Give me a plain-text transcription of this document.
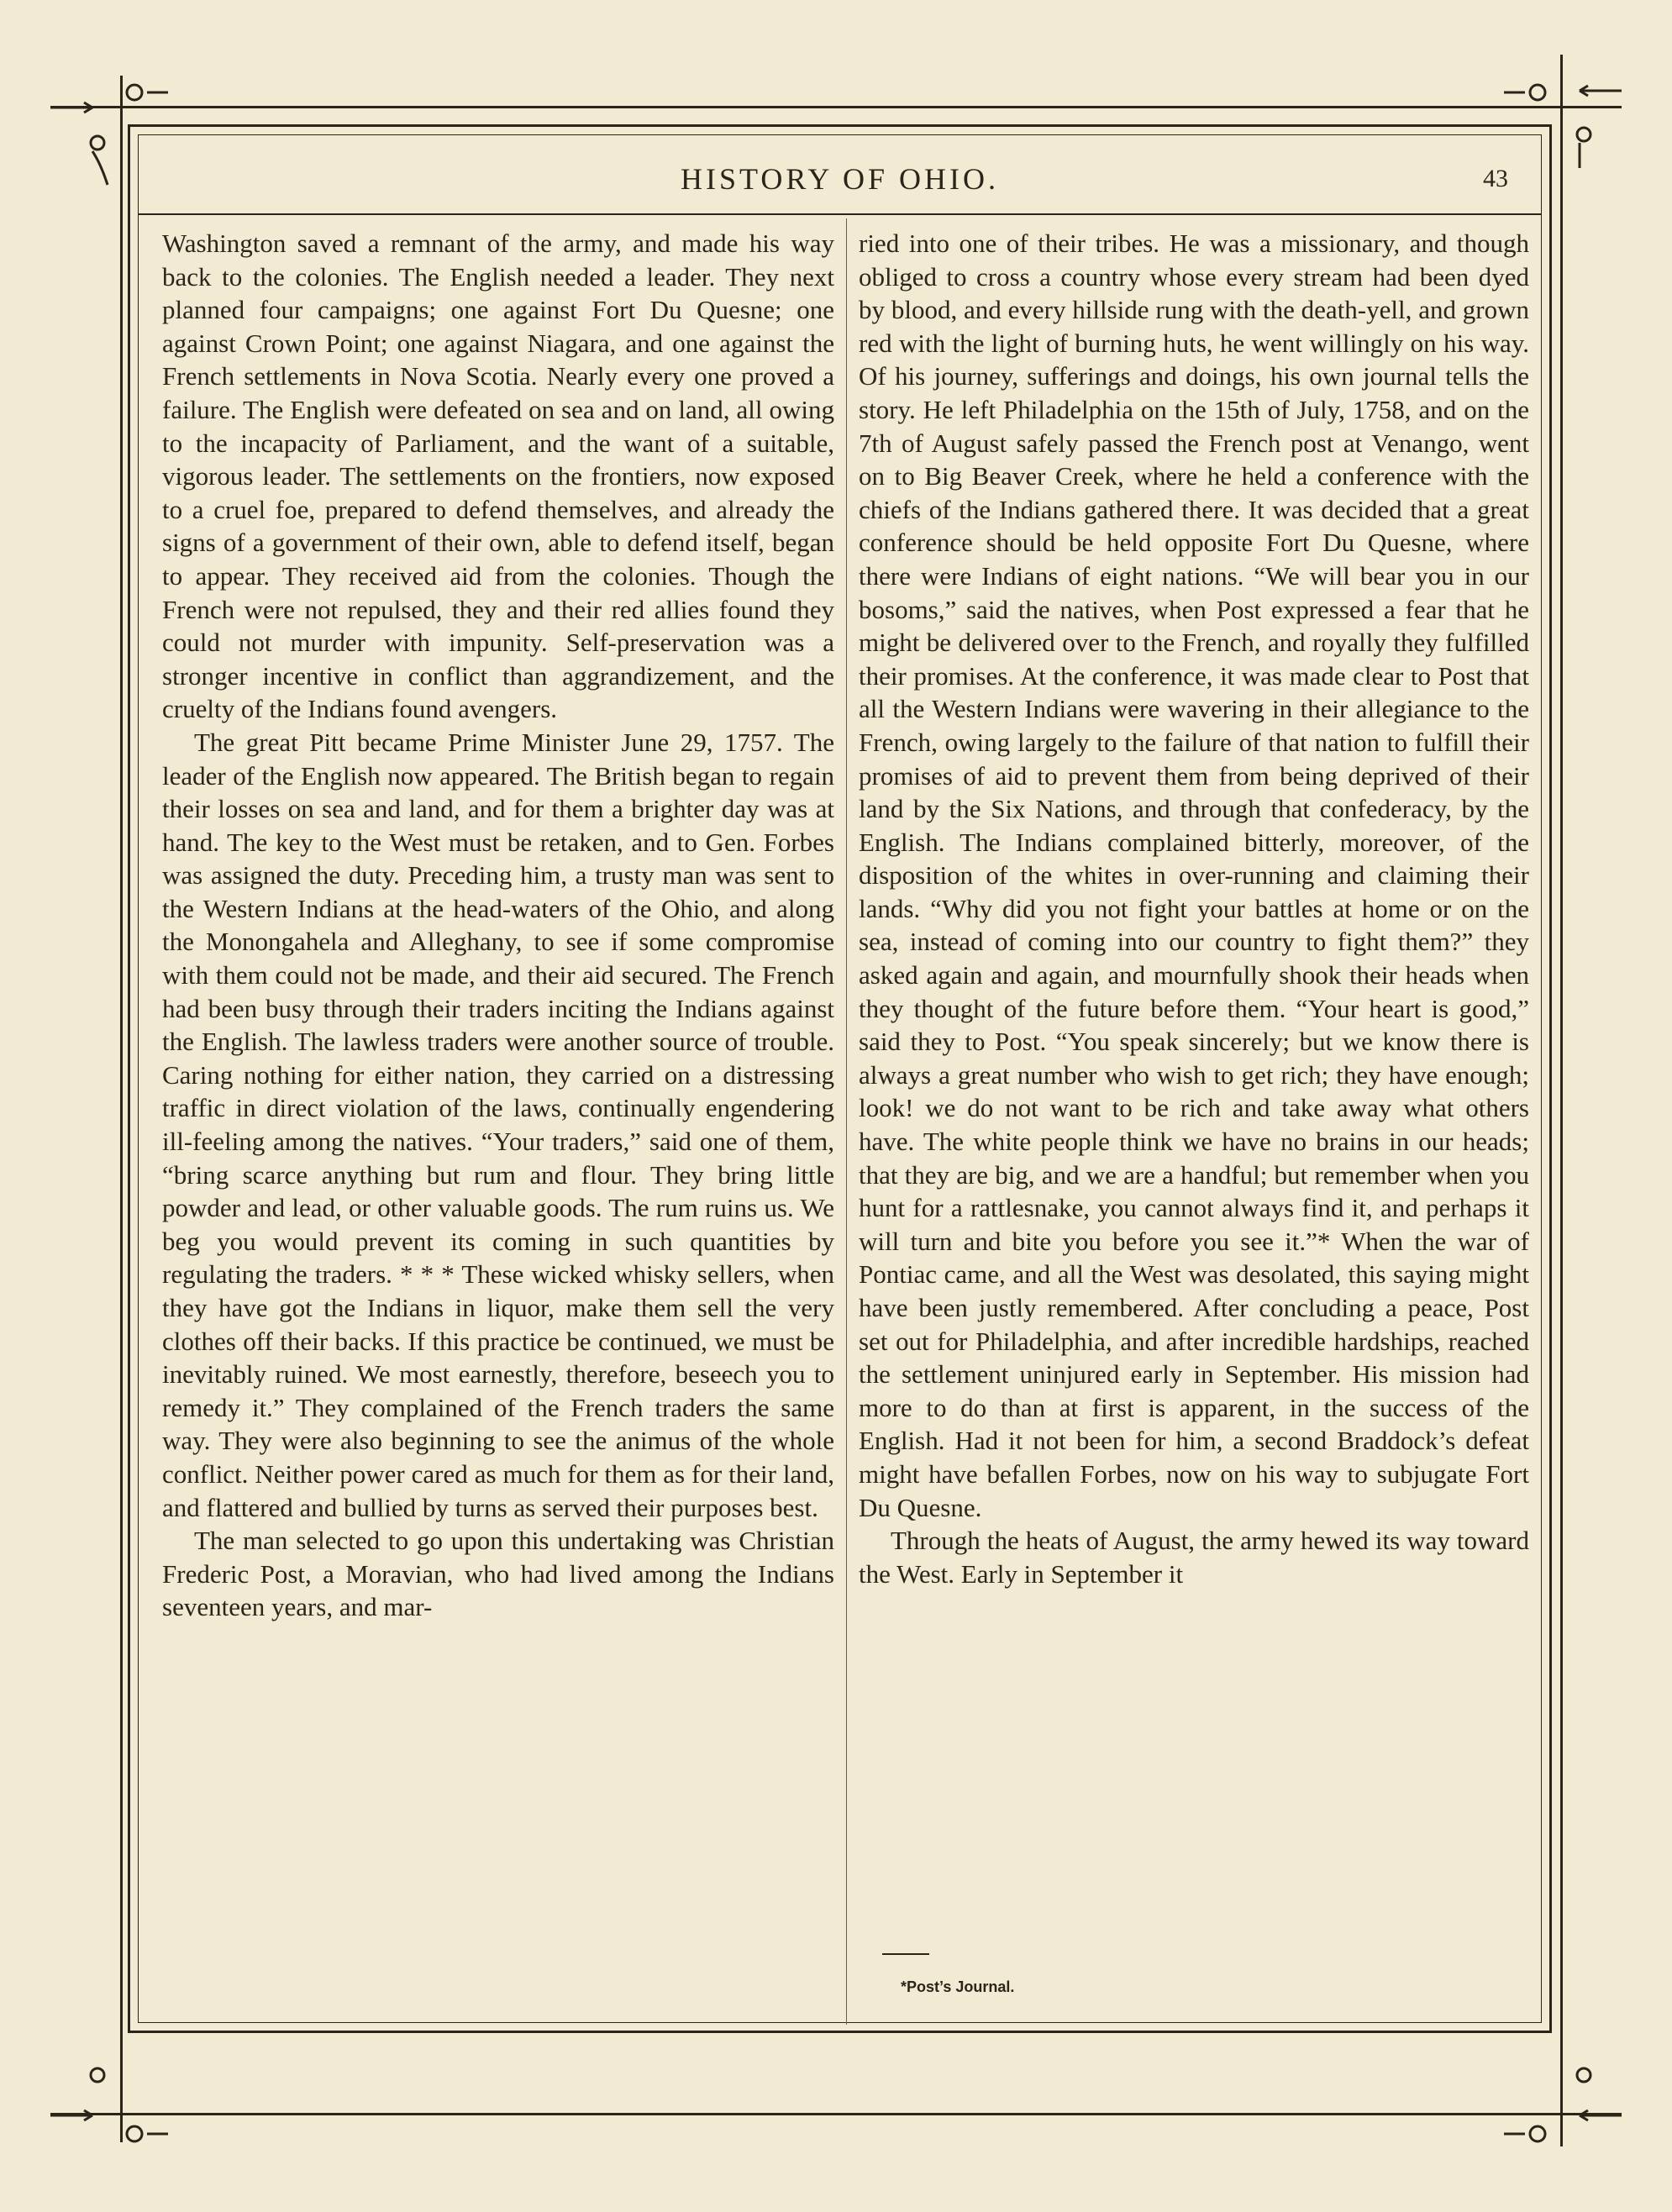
HISTORY OF OHIO.	43

Washington saved a remnant of the army, and made his way back to the colonies. The English needed a leader. They next planned four campaigns; one against Fort Du Quesne; one against Crown Point; one against Niagara, and one against the French settlements in Nova Scotia. Nearly every one proved a failure. The English were defeated on sea and on land, all owing to the incapacity of Parliament, and the want of a suitable, vigorous leader. The settlements on the frontiers, now exposed to a cruel foe, prepared to defend themselves, and already the signs of a government of their own, able to defend itself, began to appear. They received aid from the colonies. Though the French were not repulsed, they and their red allies found they could not murder with impunity. Self-preservation was a stronger incentive in conflict than aggrandizement, and the cruelty of the Indians found avengers.

The great Pitt became Prime Minister June 29, 1757. The leader of the English now appeared. The British began to regain their losses on sea and land, and for them a brighter day was at hand. The key to the West must be retaken, and to Gen. Forbes was assigned the duty. Preceding him, a trusty man was sent to the Western Indians at the head-waters of the Ohio, and along the Monongahela and Alleghany, to see if some compromise with them could not be made, and their aid secured. The French had been busy through their traders inciting the Indians against the English. The lawless traders were another source of trouble. Caring nothing for either nation, they carried on a distressing traffic in direct violation of the laws, continually engendering ill-feeling among the natives. “Your traders,” said one of them, “bring scarce anything but rum and flour. They bring little powder and lead, or other valuable goods. The rum ruins us. We beg you would prevent its coming in such quantities by regulating the traders. * * * These wicked whisky sellers, when they have got the Indians in liquor, make them sell the very clothes off their backs. If this practice be continued, we must be inevitably ruined. We most earnestly, therefore, beseech you to remedy it.” They complained of the French traders the same way. They were also beginning to see the animus of the whole conflict. Neither power cared as much for them as for their land, and flattered and bullied by turns as served their purposes best.

The man selected to go upon this undertaking was Christian Frederic Post, a Moravian, who had lived among the Indians seventeen years, and mar-

ried into one of their tribes. He was a missionary, and though obliged to cross a country whose every stream had been dyed by blood, and every hillside rung with the death-yell, and grown red with the light of burning huts, he went willingly on his way. Of his journey, sufferings and doings, his own journal tells the story. He left Philadelphia on the 15th of July, 1758, and on the 7th of August safely passed the French post at Venango, went on to Big Beaver Creek, where he held a conference with the chiefs of the Indians gathered there. It was decided that a great conference should be held opposite Fort Du Quesne, where there were Indians of eight nations. “We will bear you in our bosoms,” said the natives, when Post expressed a fear that he might be delivered over to the French, and royally they fulfilled their promises. At the conference, it was made clear to Post that all the Western Indians were wavering in their allegiance to the French, owing largely to the failure of that nation to fulfill their promises of aid to prevent them from being deprived of their land by the Six Nations, and through that confederacy, by the English. The Indians complained bitterly, moreover, of the disposition of the whites in over-running and claiming their lands. “Why did you not fight your battles at home or on the sea, instead of coming into our country to fight them?” they asked again and again, and mournfully shook their heads when they thought of the future before them. “Your heart is good,” said they to Post. “You speak sincerely; but we know there is always a great number who wish to get rich; they have enough; look! we do not want to be rich and take away what others have. The white people think we have no brains in our heads; that they are big, and we are a handful; but remember when you hunt for a rattlesnake, you cannot always find it, and perhaps it will turn and bite you before you see it.”* When the war of Pontiac came, and all the West was desolated, this saying might have been justly remembered. After concluding a peace, Post set out for Philadelphia, and after incredible hardships, reached the settlement uninjured early in September. His mission had more to do than at first is apparent, in the success of the English. Had it not been for him, a second Braddock’s defeat might have befallen Forbes, now on his way to subjugate Fort Du Quesne.

Through the heats of August, the army hewed its way toward the West. Early in September it

*Post’s Journal.
